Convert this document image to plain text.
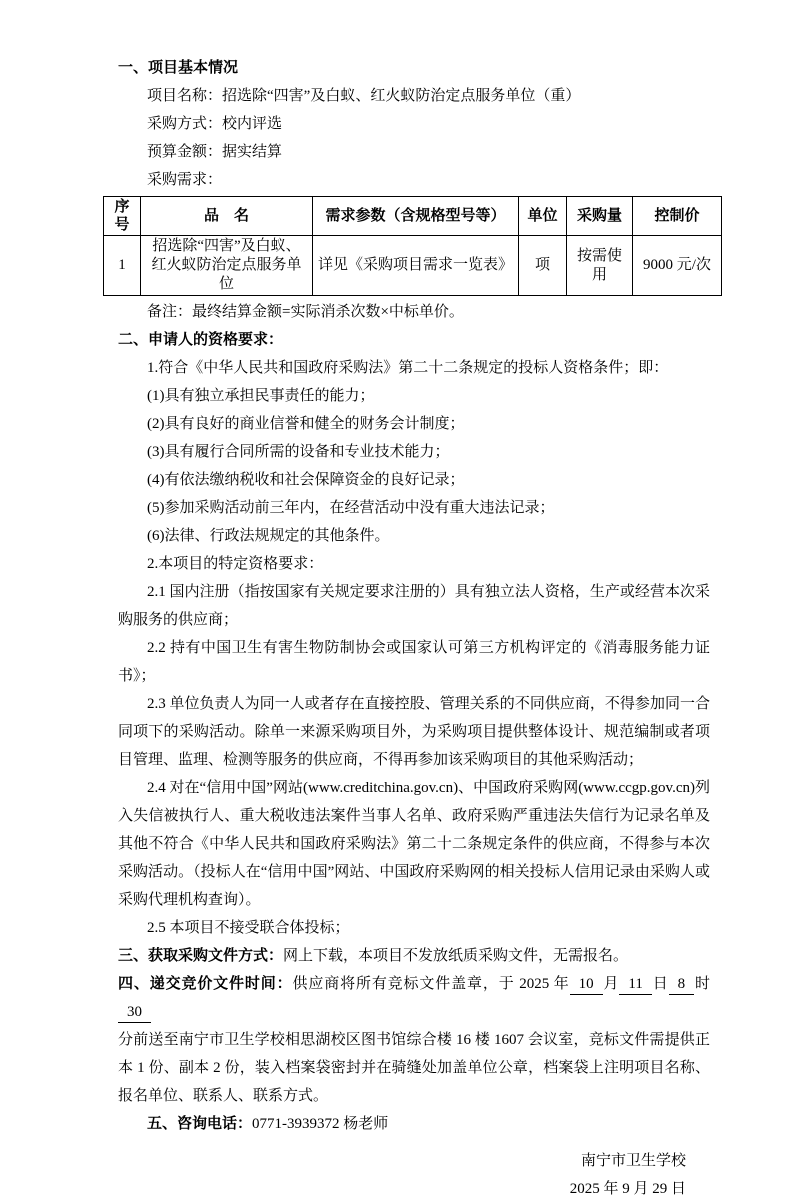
一、项目基本情况

项目名称：招选除“四害”及白蚁、红火蚁防治定点服务单位（重）

采购方式：校内评选

预算金额：据实结算

采购需求：

序号	品　名	需求参数（含规格型号等）	单位	采购量	控制价
1	招选除“四害”及白蚁、红火蚁防治定点服务单位	详见《采购项目需求一览表》	项	按需使用	9000 元/次

备注：最终结算金额=实际消杀次数×中标单价。

二、申请人的资格要求：

1.符合《中华人民共和国政府采购法》第二十二条规定的投标人资格条件；即：

(1)具有独立承担民事责任的能力；

(2)具有良好的商业信誉和健全的财务会计制度；

(3)具有履行合同所需的设备和专业技术能力；

(4)有依法缴纳税收和社会保障资金的良好记录；

(5)参加采购活动前三年内，在经营活动中没有重大违法记录；

(6)法律、行政法规规定的其他条件。

2.本项目的特定资格要求：

2.1 国内注册（指按国家有关规定要求注册的）具有独立法人资格，生产或经营本次采购服务的供应商；

2.2 持有中国卫生有害生物防制协会或国家认可第三方机构评定的《消毒服务能力证书》；

2.3 单位负责人为同一人或者存在直接控股、管理关系的不同供应商，不得参加同一合同项下的采购活动。除单一来源采购项目外，为采购项目提供整体设计、规范编制或者项目管理、监理、检测等服务的供应商，不得再参加该采购项目的其他采购活动；

2.4 对在“信用中国”网站(www.creditchina.gov.cn)、中国政府采购网(www.ccgp.gov.cn)列入失信被执行人、重大税收违法案件当事人名单、政府采购严重违法失信行为记录名单及其他不符合《中华人民共和国政府采购法》第二十二条规定条件的供应商，不得参与本次采购活动。（投标人在“信用中国”网站、中国政府采购网的相关投标人信用记录由采购人或采购代理机构查询）。

2.5 本项目不接受联合体投标；

三、获取采购文件方式：网上下载，本项目不发放纸质采购文件，无需报名。

四、递交竞价文件时间：供应商将所有竞标文件盖章，于 2025 年 10 月 11 日 8 时30

分前送至南宁市卫生学校相思湖校区图书馆综合楼 16 楼 1607 会议室，竞标文件需提供正本 1 份、副本 2 份，装入档案袋密封并在骑缝处加盖单位公章，档案袋上注明项目名称、报名单位、联系人、联系方式。

五、咨询电话：0771-3939372 杨老师

南宁市卫生学校

2025 年 9 月 29 日
